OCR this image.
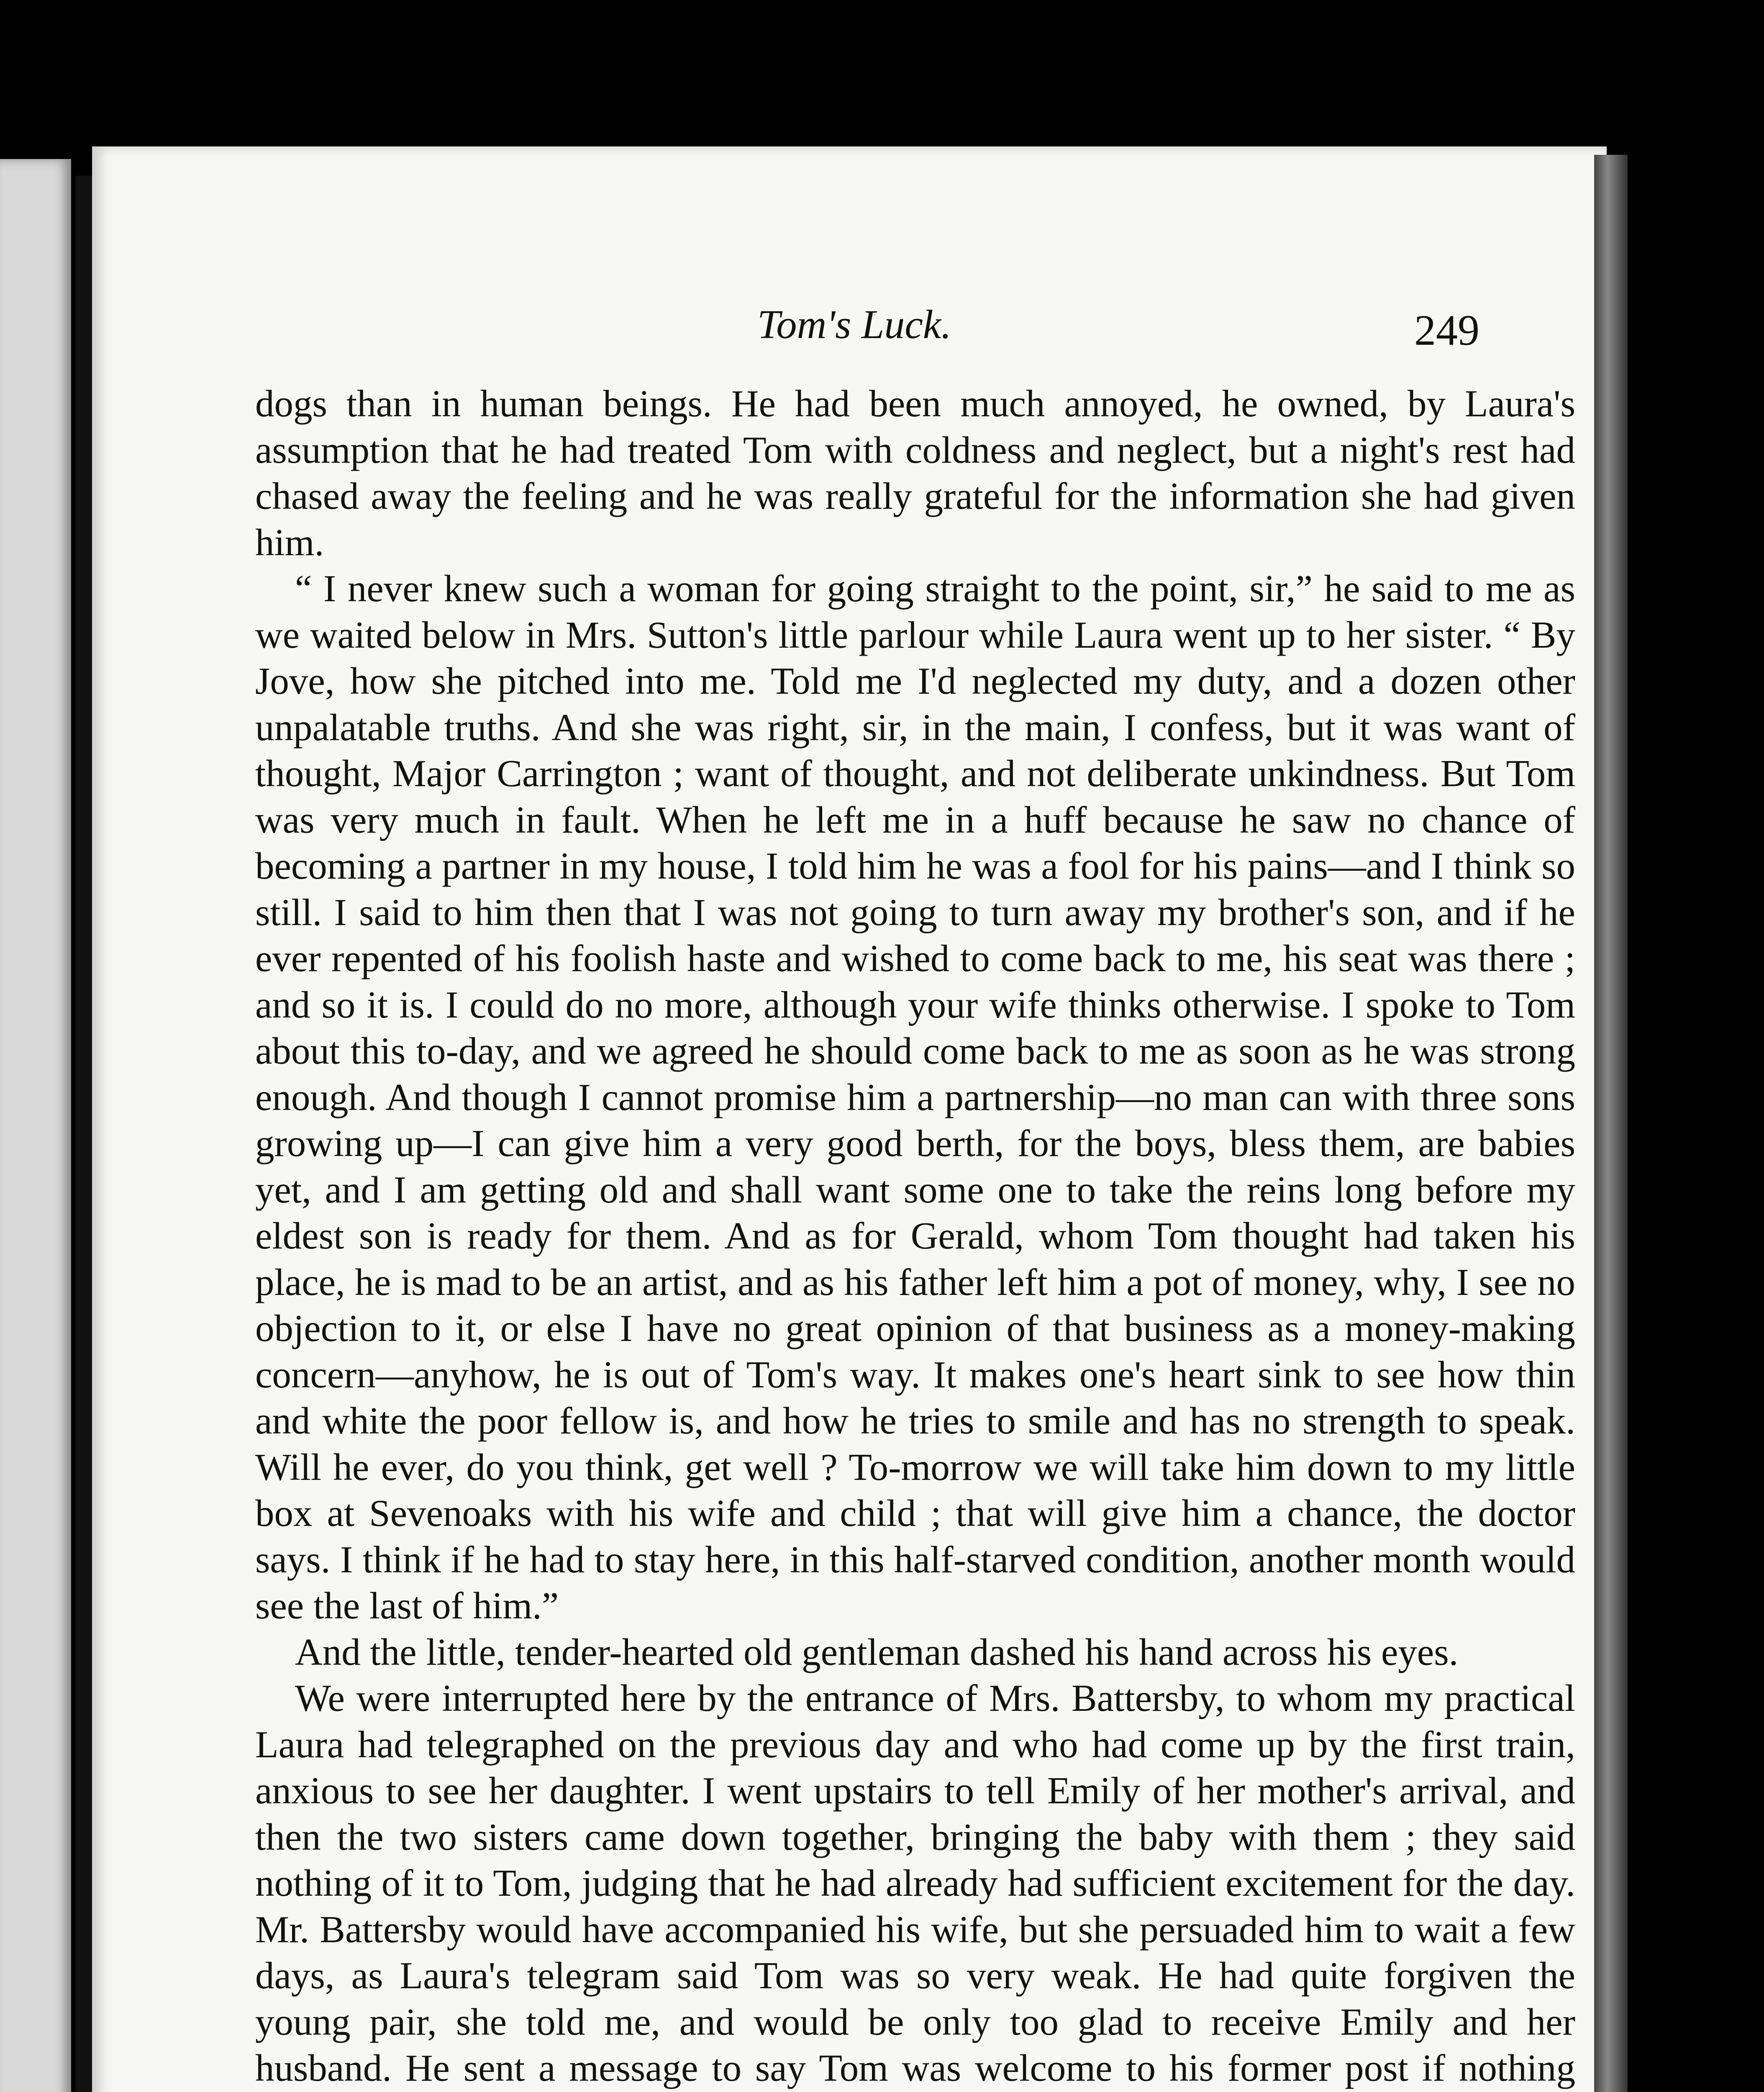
Tom's Luck.	249

dogs than in human beings. He had been much annoyed, he owned, by Laura's assumption that he had treated Tom with coldness and neglect, but a night's rest had chased away the feeling and he was really grateful for the information she had given him.

“ I never knew such a woman for going straight to the point, sir,” he said to me as we waited below in Mrs. Sutton's little parlour while Laura went up to her sister. “ By Jove, how she pitched into me. Told me I'd neglected my duty, and a dozen other unpalatable truths. And she was right, sir, in the main, I confess, but it was want of thought, Major Carrington ; want of thought, and not deliberate unkindness. But Tom was very much in fault. When he left me in a huff because he saw no chance of becoming a partner in my house, I told him he was a fool for his pains—and I think so still. I said to him then that I was not going to turn away my brother's son, and if he ever repented of his foolish haste and wished to come back to me, his seat was there ; and so it is. I could do no more, although your wife thinks otherwise. I spoke to Tom about this to-day, and we agreed he should come back to me as soon as he was strong enough. And though I cannot promise him a partnership—no man can with three sons growing up—I can give him a very good berth, for the boys, bless them, are babies yet, and I am getting old and shall want some one to take the reins long before my eldest son is ready for them. And as for Gerald, whom Tom thought had taken his place, he is mad to be an artist, and as his father left him a pot of money, why, I see no objection to it, or else I have no great opinion of that business as a money-making concern—anyhow, he is out of Tom's way. It makes one's heart sink to see how thin and white the poor fellow is, and how he tries to smile and has no strength to speak. Will he ever, do you think, get well ? To-morrow we will take him down to my little box at Sevenoaks with his wife and child ; that will give him a chance, the doctor says. I think if he had to stay here, in this half-starved condition, another month would see the last of him.”

And the little, tender-hearted old gentleman dashed his hand across his eyes.

We were interrupted here by the entrance of Mrs. Battersby, to whom my practical Laura had telegraphed on the previous day and who had come up by the first train, anxious to see her daughter. I went upstairs to tell Emily of her mother's arrival, and then the two sisters came down together, bringing the baby with them ; they said nothing of it to Tom, judging that he had already had sufficient excitement for the day. Mr. Battersby would have accompanied his wife, but she persuaded him to wait a few days, as Laura's telegram said Tom was so very weak. He had quite forgiven the young pair, she told me, and would be only too glad to receive Emily and her husband. He sent a message to say Tom was welcome to his former post if nothing
